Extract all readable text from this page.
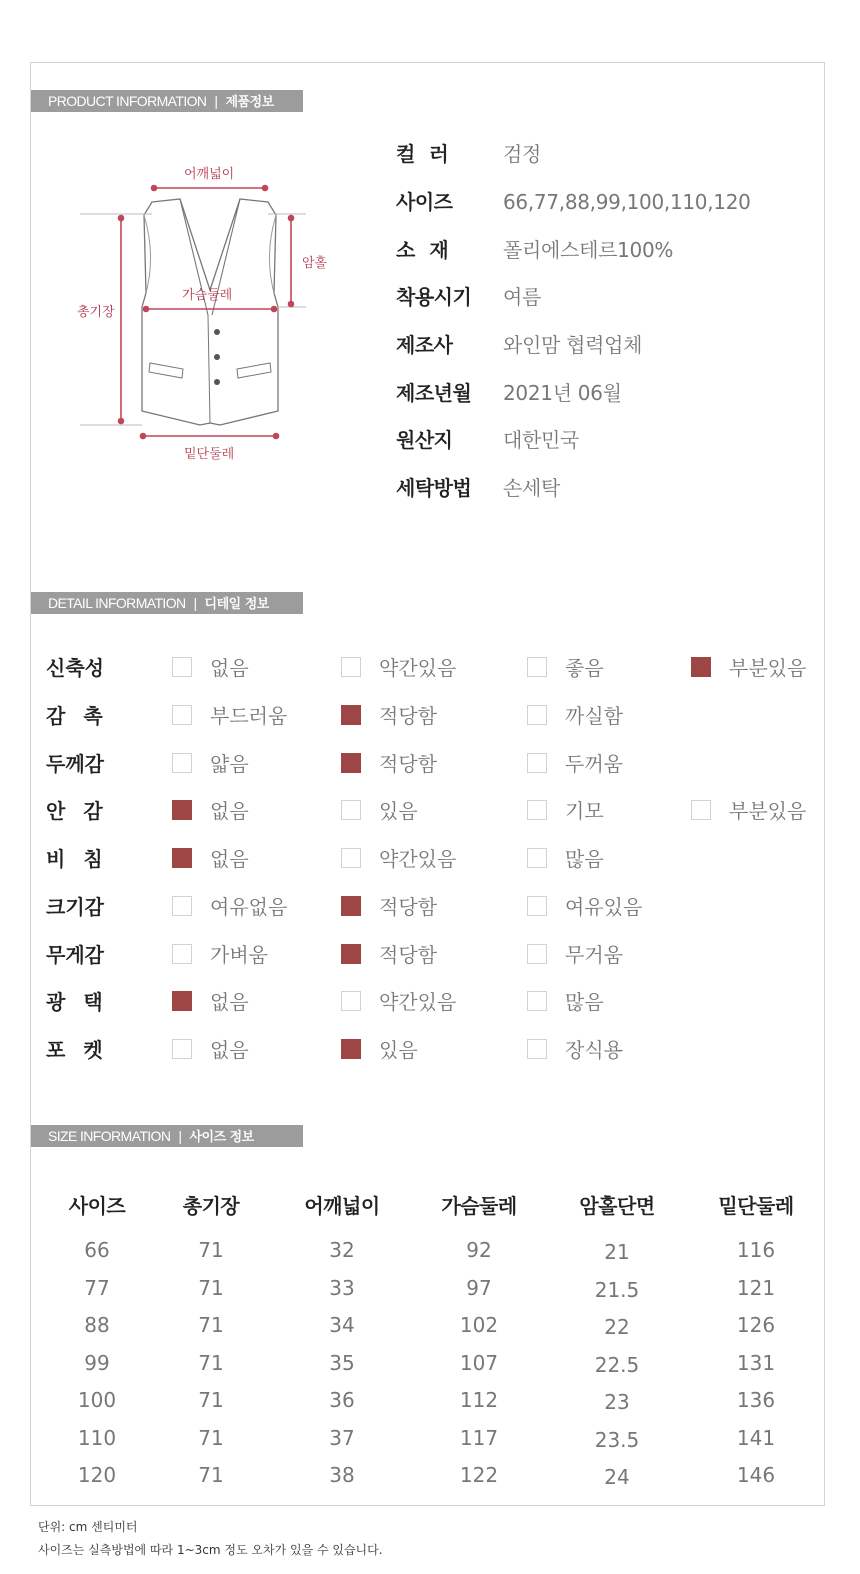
PRODUCT INFORMATION | 제품정보
어깨넓이
암홀
총기장
가슴둘레
밑단둘레
컬러	검정
사이즈	66,77,88,99,100,110,120
소재	폴리에스테르100%
착용시기	여름
제조사	와인맘 협력업체
제조년월	2021년 06월
원산지	대한민국
세탁방법	손세탁
DETAIL INFORMATION | 디테일 정보
신축성	없음	약간있음	좋음	부분있음
감촉	부드러움	적당함	까실함
두께감	얇음	적당함	두꺼움
안감	없음	있음	기모	부분있음
비침	없음	약간있음	많음
크기감	여유없음	적당함	여유있음
무게감	가벼움	적당함	무거움
광택	없음	약간있음	많음
포켓	없음	있음	장식용
SIZE INFORMATION | 사이즈 정보
사이즈	총기장	어깨넓이	가슴둘레	암홀단면	밑단둘레
66	71	32	92	21	116
77	71	33	97	21.5	121
88	71	34	102	22	126
99	71	35	107	22.5	131
100	71	36	112	23	136
110	71	37	117	23.5	141
120	71	38	122	24	146
단위: cm 센티미터
사이즈는 실측방법에 따라 1~3cm 정도 오차가 있을 수 있습니다.
